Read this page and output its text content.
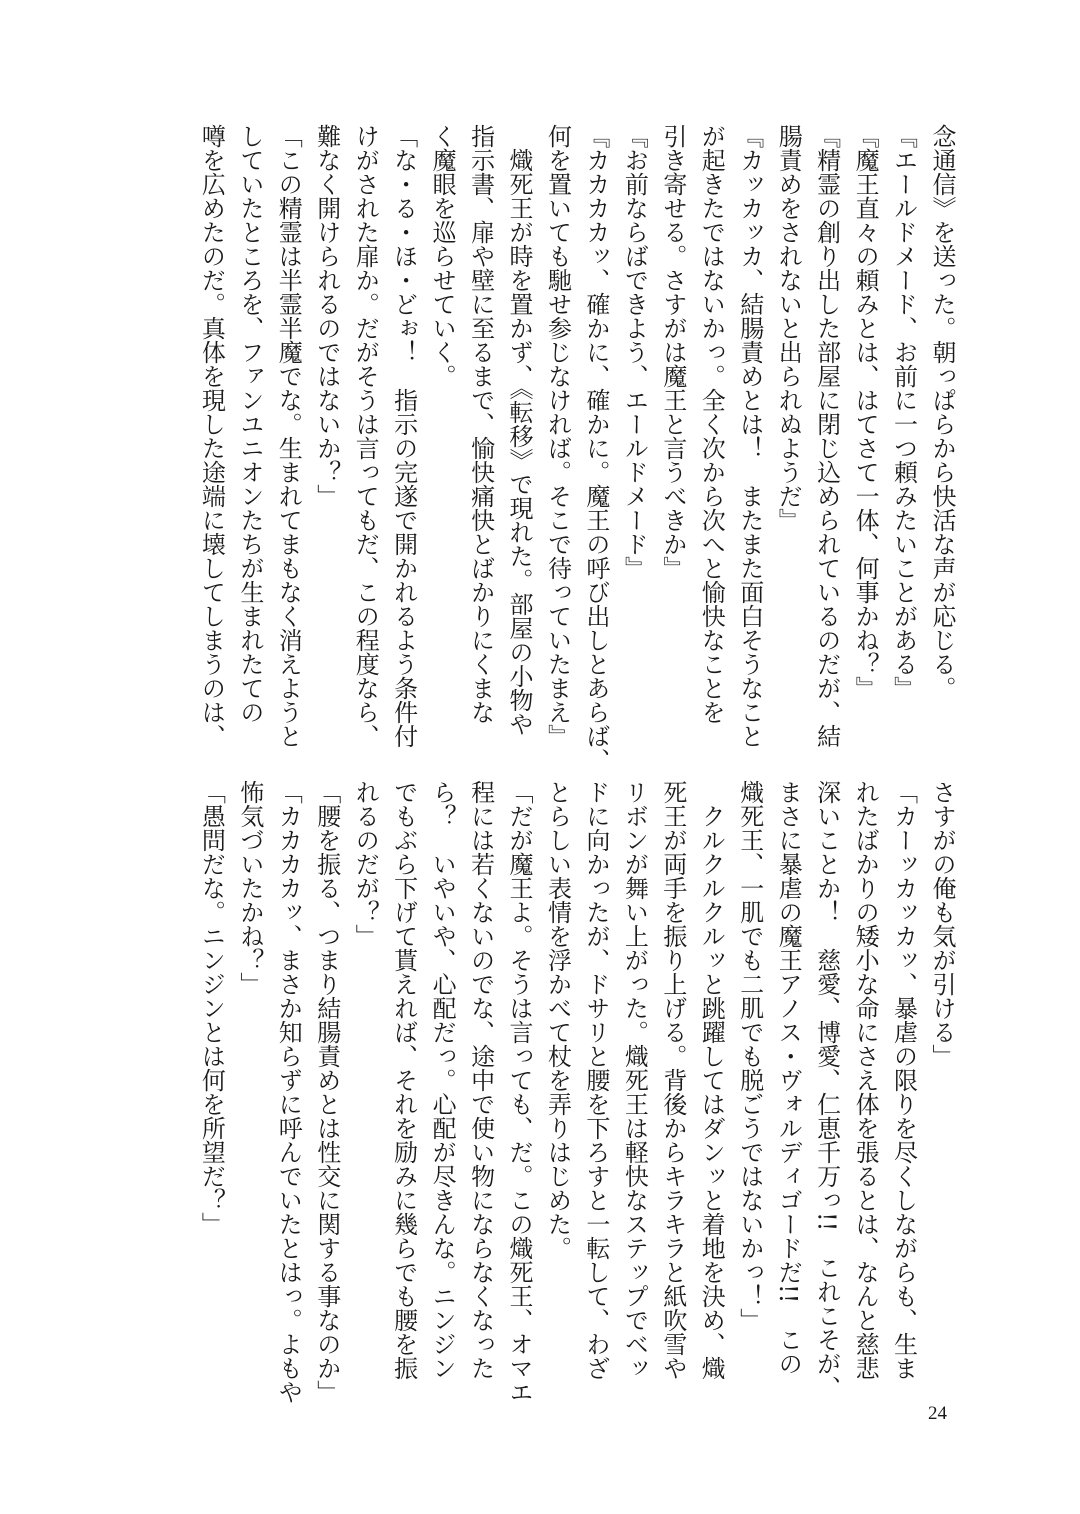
念通信》を送った。朝っぱらから快活な声が応じる。
『エールドメード、お前に一つ頼みたいことがある』
『魔王直々の頼みとは、はてさて一体、何事かね？』
『精霊の創り出した部屋に閉じ込められているのだが、結
腸責めをされないと出られぬようだ』
『カッカッカ、結腸責めとは！　またまた面白そうなこと
が起きたではないかっ。全く次から次へと愉快なことを
引き寄せる。さすがは魔王と言うべきか』
『お前ならばできよう、エールドメード』
『カカカカッ、確かに、確かに。魔王の呼び出しとあらば、
何を置いても馳せ参じなければ。そこで待っていたまえ』
　熾死王が時を置かず、《転移》で現れた。部屋の小物や
指示書、扉や壁に至るまで、愉快痛快とばかりにくまな
く魔眼を巡らせていく。
「な・る・ほ・どぉ！　指示の完遂で開かれるよう条件付
けがされた扉か。だがそうは言ってもだ、この程度なら、
難なく開けられるのではないか？」
「この精霊は半霊半魔でな。生まれてまもなく消えようと
していたところを、ファンユニオンたちが生まれたての
噂を広めたのだ。真体を現した途端に壊してしまうのは、
さすがの俺も気が引ける」
「カーッカッカッ、暴虐の限りを尽くしながらも、生ま
れたばかりの矮小な命にさえ体を張るとは、なんと慈悲
深いことか！　慈愛、博愛、仁恵千万っ!!　これこそが、
まさに暴虐の魔王アノス・ヴォルディゴードだ!!　この
熾死王、一肌でも二肌でも脱ごうではないかっ！」
　クルクルクルッと跳躍してはダンッと着地を決め、熾
死王が両手を振り上げる。背後からキラキラと紙吹雪や
リボンが舞い上がった。熾死王は軽快なステップでベッ
ドに向かったが、ドサリと腰を下ろすと一転して、わざ
とらしい表情を浮かべて杖を弄りはじめた。
「だが魔王よ。そうは言っても、だ。この熾死王、オマエ
程には若くないのでな、途中で使い物にならなくなった
ら？　いやいや、心配だっ。心配が尽きんな。ニンジン
でもぶら下げて貰えれば、それを励みに幾らでも腰を振
れるのだが？」
「腰を振る、つまり結腸責めとは性交に関する事なのか」
「カカカカッ、まさか知らずに呼んでいたとはっ。よもや
怖気づいたかね？」
「愚問だな。ニンジンとは何を所望だ？」
24
